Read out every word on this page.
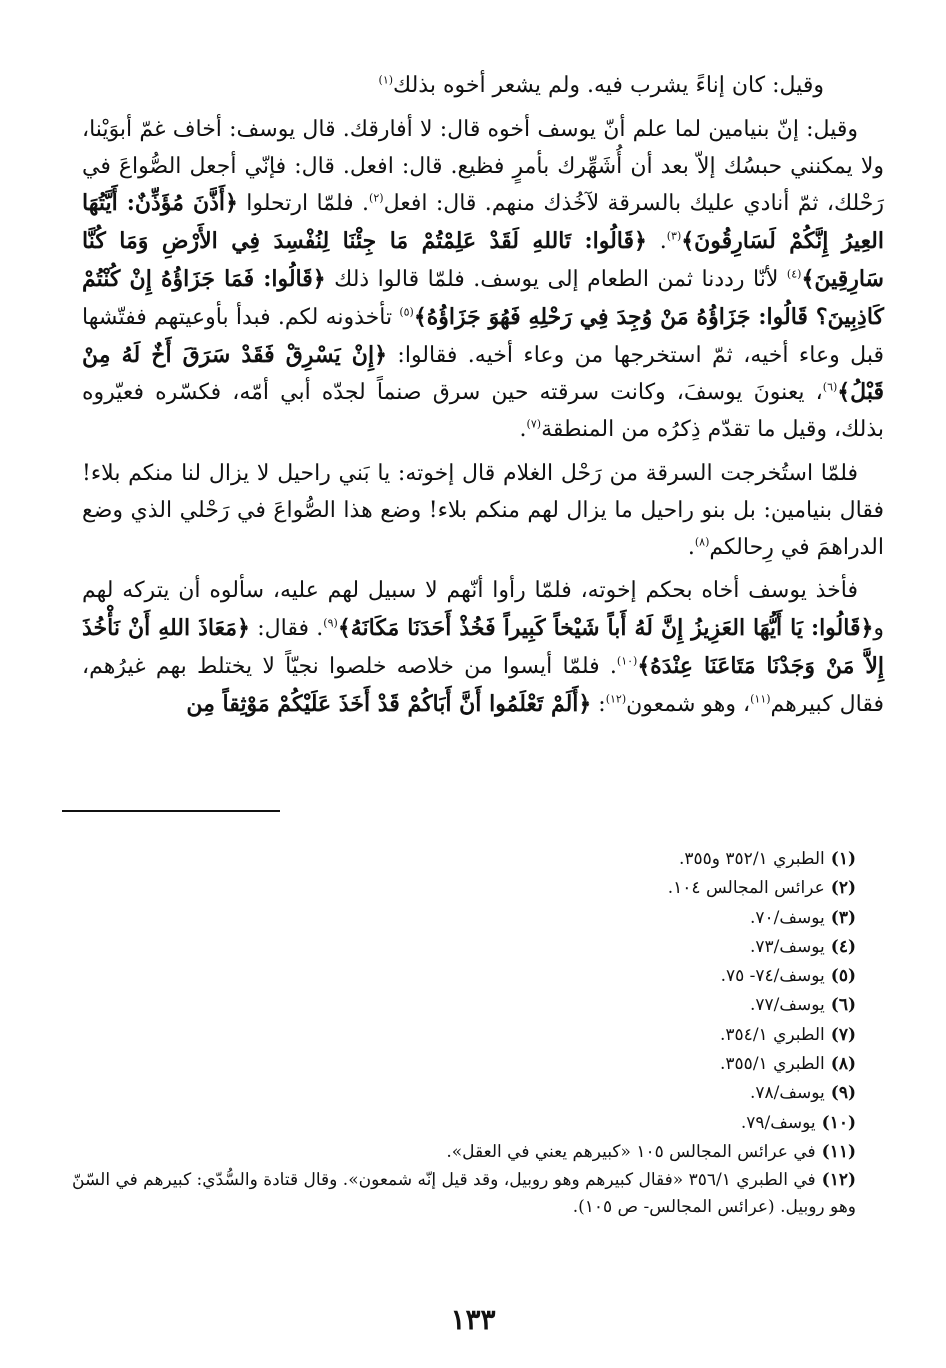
وقيل: كان إناءً يشرب فيه. ولم يشعر أخوه بذلك$^{(١)}$

وقيل: إنّ بنيامين لما علم أنّ يوسف أخوه قال: لا أفارقك. قال يوسف: أخاف غمّ أبوَيْنا، ولا يمكنني حبسُك إلاّ بعد أن أُشَهِّرك بأمرٍ فظيع. قال: افعل. قال: فإنّي أجعل الصُّواعَ في رَحْلك، ثمّ أنادي عليك بالسرقة لآخُذك منهم. قال: افعل$^{(٢)}$. فلمّا ارتحلوا ﴿أَذَّنَ مُؤَذِّنٌ: أَيَّتُهَا العِيرُ إِنَّكُمْ لَسَارِقُونَ﴾$^{(٣)}$. ﴿قَالُوا: تَاللهِ لَقَدْ عَلِمْتُمْ مَا جِئْنَا لِنُفْسِدَ فِي الأَرْضِ وَمَا كُنَّا سَارِقِينَ﴾$^{(٤)}$ لأنّا رددنا ثمن الطعام إلى يوسف. فلمّا قالوا ذلك ﴿قَالُوا: فَمَا جَزَاؤُهُ إِنْ كُنْتُمْ كَاذِبِينَ؟ قَالُوا: جَزَاؤُهُ مَنْ وُجِدَ فِي رَحْلِهِ فَهُوَ جَزَاؤُهُ﴾$^{(٥)}$ تأخذونه لكم. فبدأ بأوعيتهم ففتّشها قبل وعاء أخيه، ثمّ استخرجها من وعاء أخيه. فقالوا: ﴿إِنْ يَسْرِقْ فَقَدْ سَرَقَ أَخٌ لَهُ مِنْ قَبْلُ﴾$^{(٦)}$، يعنونَ يوسفَ، وكانت سرقته حين سرق صنماً لجدّه أبي أمّه، فكسّره فعيّروه بذلك، وقيل ما تقدّم ذِكرُه من المنطقة$^{(٧)}$.

فلمّا استُخرجت السرقة من رَحْل الغلام قال إخوته: يا بَني راحيل لا يزال لنا منكم بلاء! فقال بنيامين: بل بنو راحيل ما يزال لهم منكم بلاء! وضع هذا الصُّواعَ في رَحْلي الذي وضع الدراهمَ في رِحالكم$^{(٨)}$.

فأخذ يوسف أخاه بحكم إخوته، فلمّا رأوا أنّهم لا سبيل لهم عليه، سألوه أن يتركه لهم و﴿قَالُوا: يَا أَيُّهَا العَزِيزُ إِنَّ لَهُ أَباً شَيْخاً كَبِيراً فَخُذْ أَحَدَنَا مَكَانَهُ﴾$^{(٩)}$. فقال: ﴿مَعَاذَ اللهِ أَنْ نَأْخُذَ إِلاَّ مَنْ وَجَدْنَا مَتَاعَنَا عِنْدَهُ﴾$^{(١٠)}$. فلمّا أيسوا من خلاصه خلصوا نجيّاً لا يختلط بهم غيرُهم، فقال كبيرهم$^{(١١)}$، وهو شمعون$^{(١٢)}$: ﴿أَلَمْ تَعْلَمُوا أَنَّ أَبَاكُمْ قَدْ أَخَذَ عَلَيْكُمْ مَوْثِقاً مِن

(١)الطبري ٣٥٢/١ و٣٥٥.
(٢)عرائس المجالس ١٠٤.
(٣)يوسف/٧٠.
(٤)يوسف/٧٣.
(٥)يوسف/٧٤- ٧٥.
(٦)يوسف/٧٧.
(٧)الطبري ٣٥٤/١.
(٨)الطبري ٣٥٥/١.
(٩)يوسف/٧٨.
(١٠)يوسف/٧٩.
(١١)في عرائس المجالس ١٠٥ «كبيرهم يعني في العقل».
(١٢)في الطبري ٣٥٦/١ «فقال كبيرهم وهو روبيل، وقد قيل إنّه شمعون». وقال قتادة والسُّدّي: كبيرهم في السّنّ وهو روبيل. (عرائس المجالس- ص ١٠٥).
١٣٣
